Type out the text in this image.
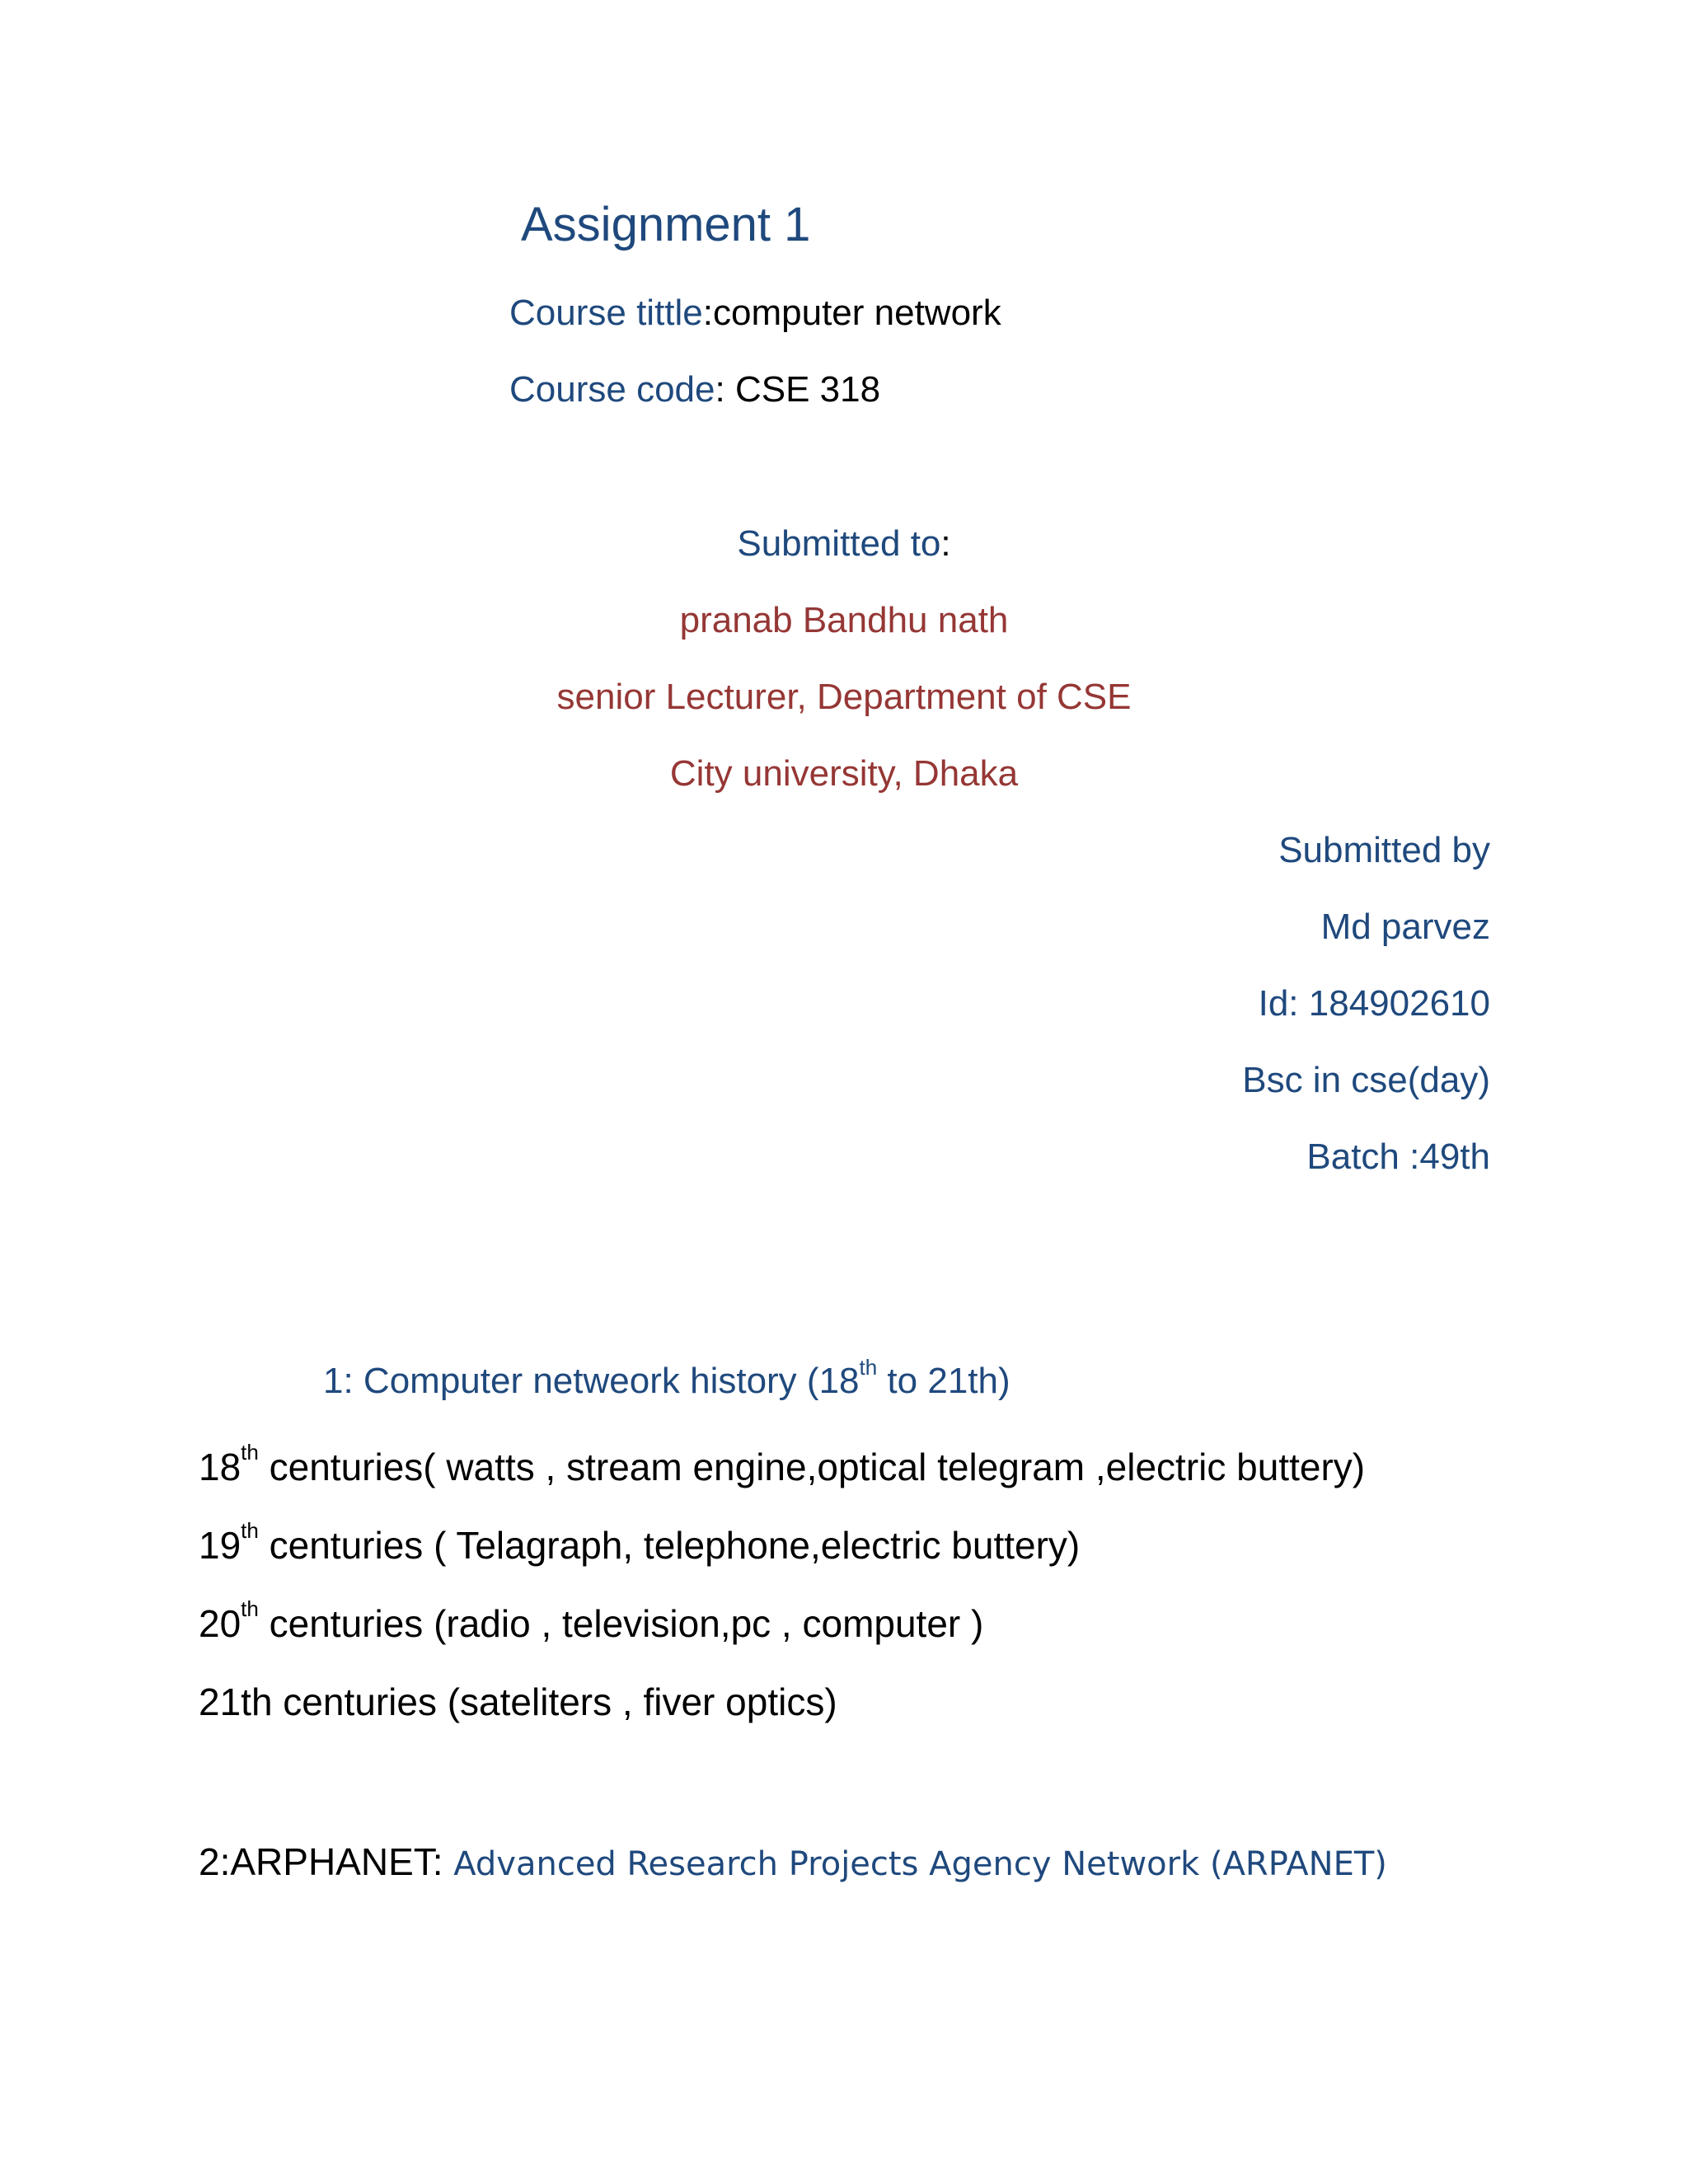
Assignment 1
Course tittle:computer network
Course code: CSE 318
Submitted to:
pranab Bandhu nath
senior Lecturer, Department of CSE
City university, Dhaka
Submitted by
Md parvez
Id: 184902610
Bsc in cse(day)
Batch :49th
1: Computer netweork history (18th to 21th)
18th centuries( watts , stream engine,optical telegram ,electric buttery)
19th centuries ( Telagraph, telephone,electric buttery)
20th centuries (radio , television,pc , computer )
21th centuries (sateliters , fiver optics)
2:ARPHANET: Advanced Research Projects Agency Network (ARPANET)
